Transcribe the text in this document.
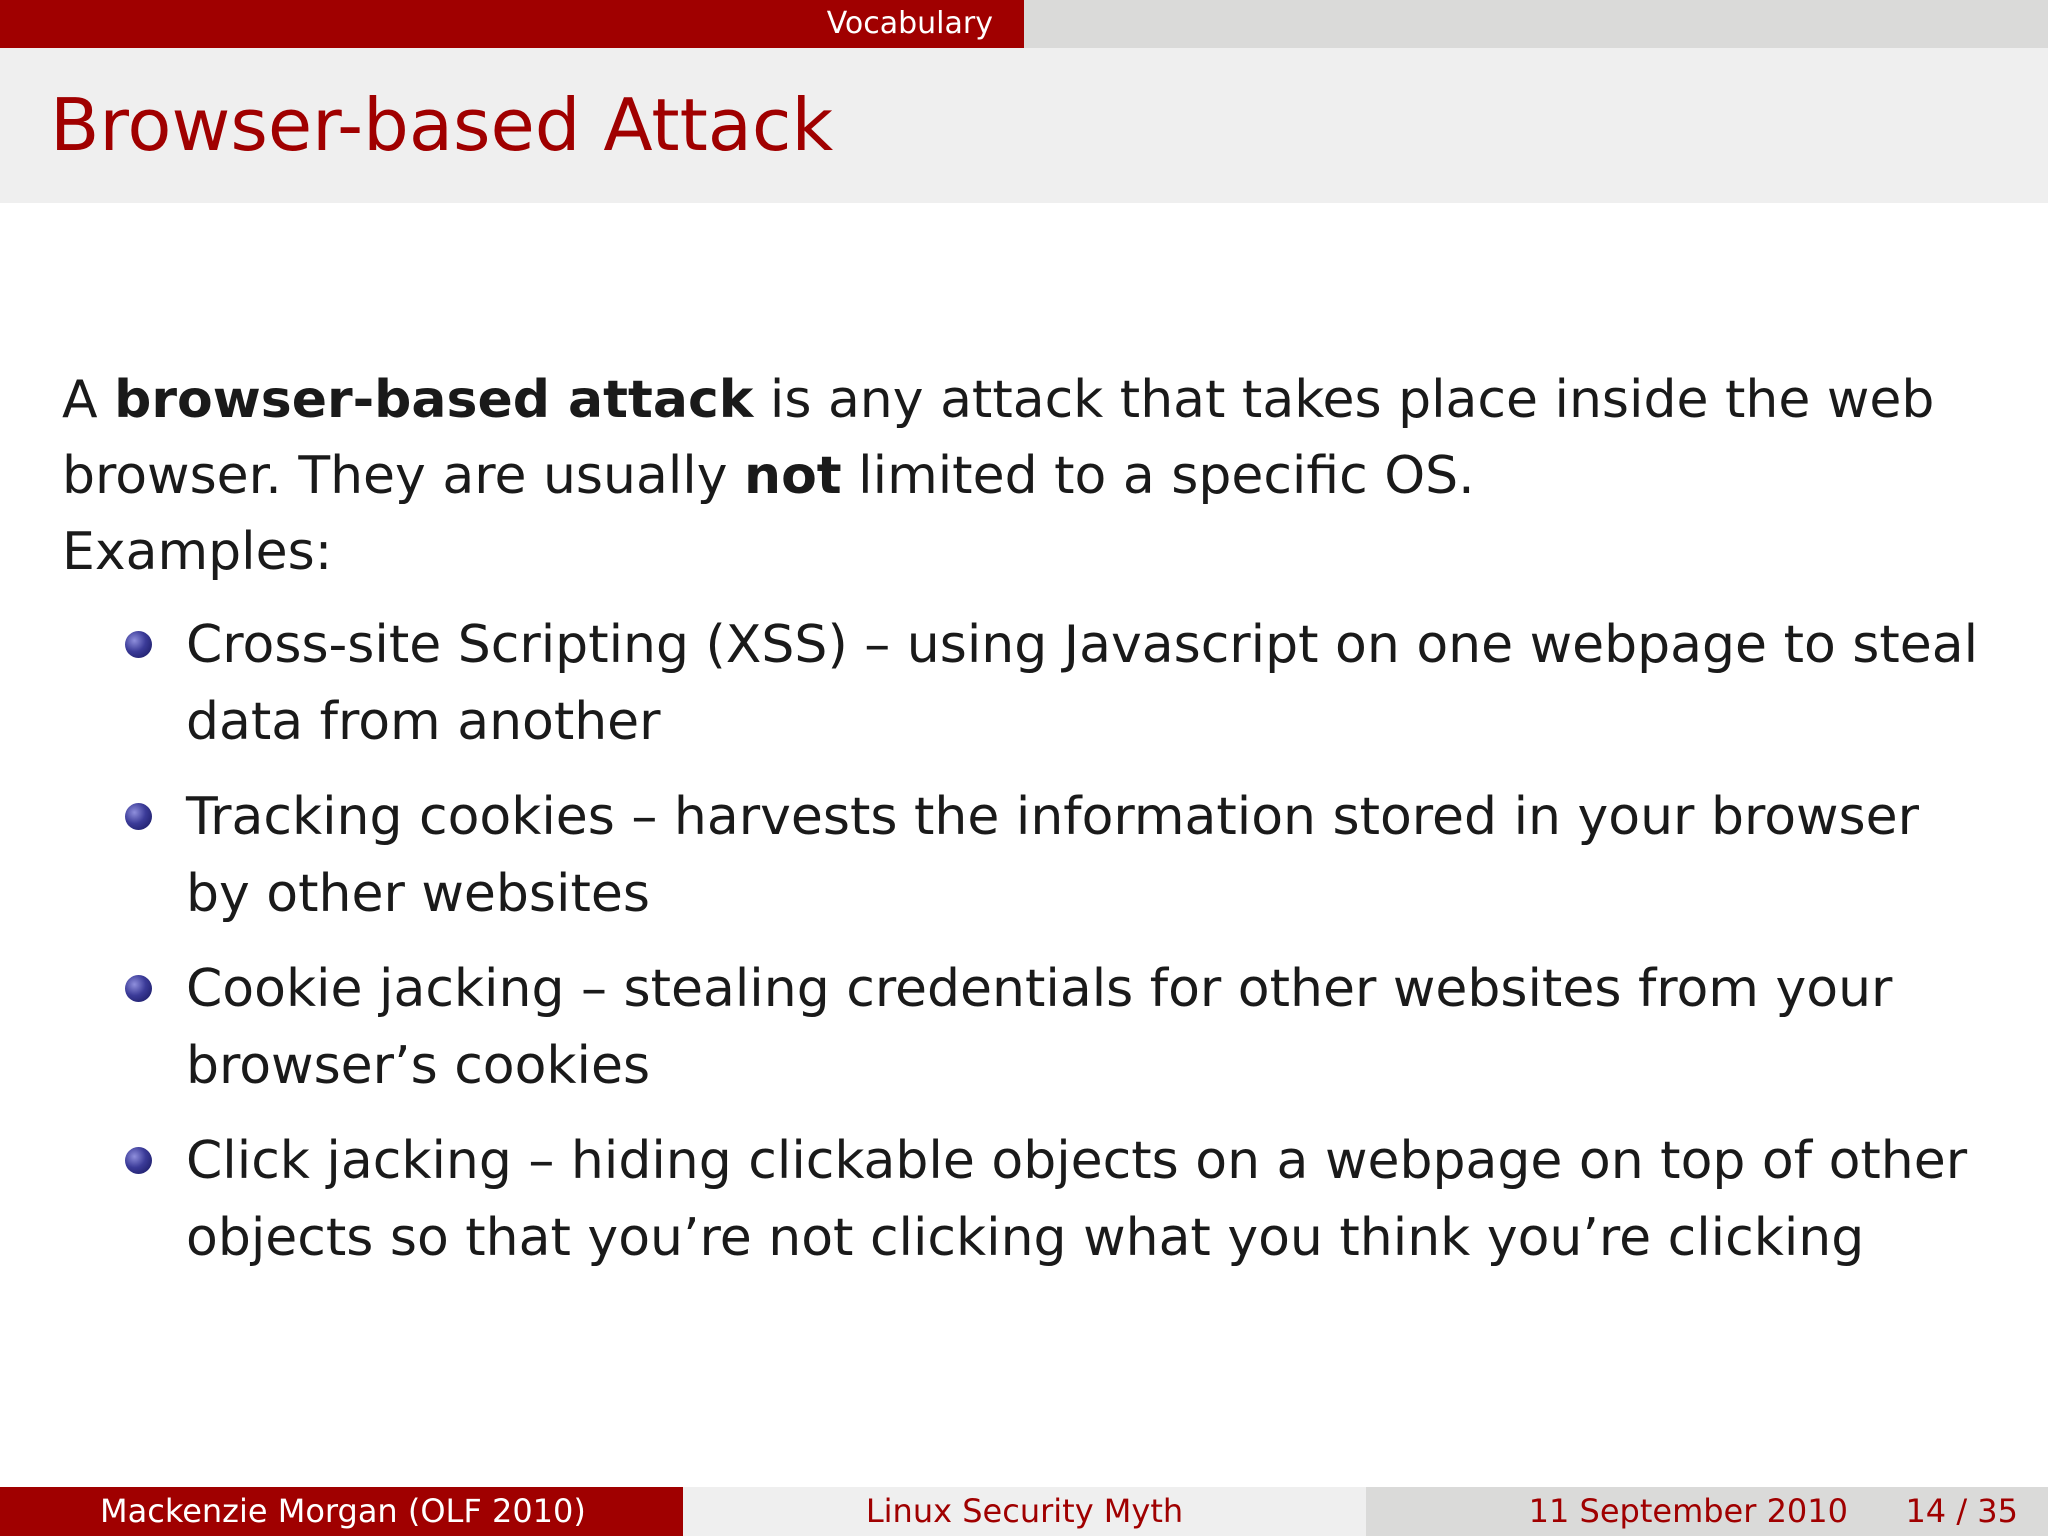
Vocabulary
Browser-based Attack

A browser-based attack is any attack that takes place inside the web browser. They are usually not limited to a specific OS.

Examples:

Cross-site Scripting (XSS) – using Javascript on one webpage to steal data from another
Tracking cookies – harvests the information stored in your browser by other websites
Cookie jacking – stealing credentials for other websites from your browser’s cookies
Click jacking – hiding clickable objects on a webpage on top of other objects so that you’re not clicking what you think you’re clicking
Mackenzie Morgan (OLF 2010)	Linux Security Myth	11 September 2010 14 / 35
